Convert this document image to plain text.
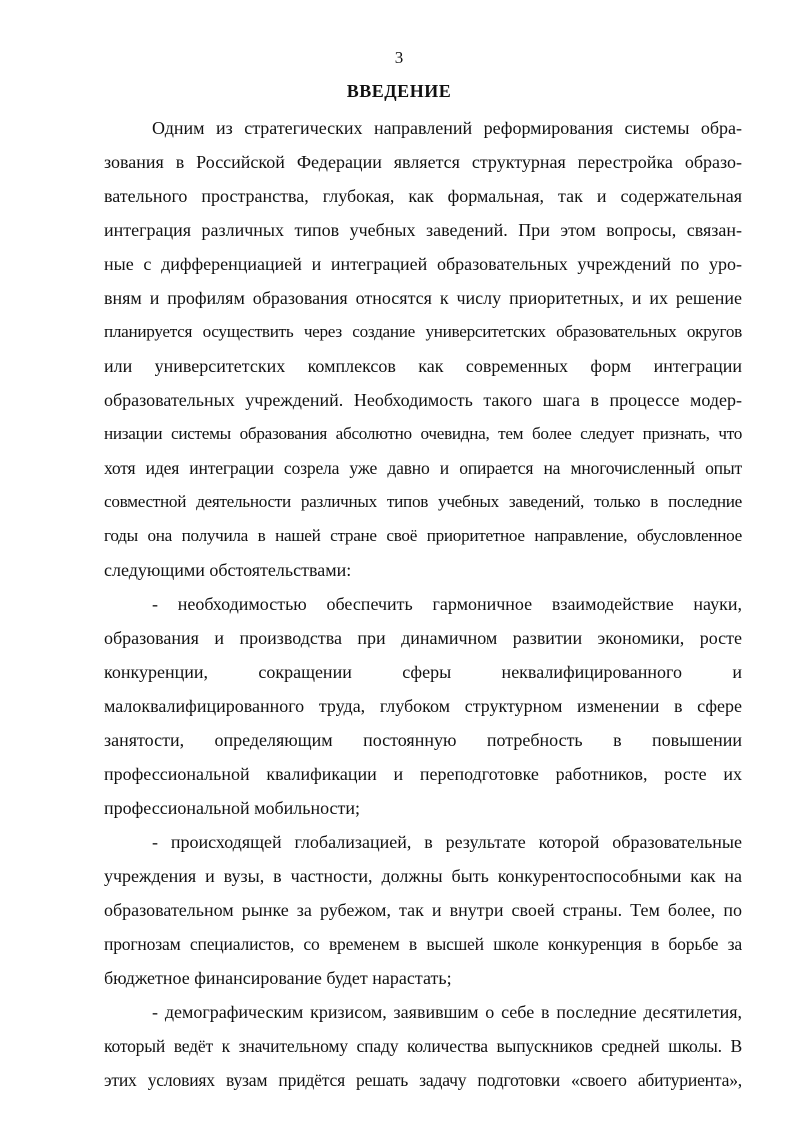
3
ВВЕДЕНИЕ
Одним из стратегических направлений реформирования системы обра-
зования в Российской Федерации является структурная перестройка образо-
вательного пространства, глубокая, как формальная, так и содержательная
интеграция различных типов учебных заведений. При этом вопросы, связан-
ные с дифференциацией и интеграцией образовательных учреждений по уро-
вням и профилям образования относятся к числу приоритетных, и их решение
планируется осуществить через создание университетских образовательных округов
или университетских комплексов как современных форм интеграции
образовательных учреждений. Необходимость такого шага в процессе модер-
низации системы образования абсолютно очевидна, тем более следует признать, что
хотя идея интеграции созрела уже давно и опирается на многочисленный опыт
совместной деятельности различных типов учебных заведений, только в последние
годы она получила в нашей стране своё приоритетное направление, обусловленное
следующими обстоятельствами:
- необходимостью обеспечить гармоничное взаимодействие науки,
образования и производства при динамичном развитии экономики, росте
конкуренции, сокращении сферы неквалифицированного и
малоквалифицированного труда, глубоком структурном изменении в сфере
занятости, определяющим постоянную потребность в повышении
профессиональной квалификации и переподготовке работников, росте их
профессиональной мобильности;
- происходящей глобализацией, в результате которой образовательные
учреждения и вузы, в частности, должны быть конкурентоспособными как на
образовательном рынке за рубежом, так и внутри своей страны. Тем более, по
прогнозам специалистов, со временем в высшей школе конкуренция в борьбе за
бюджетное финансирование будет нарастать;
- демографическим кризисом, заявившим о себе в последние десятилетия,
который ведёт к значительному спаду количества выпускников средней школы. В
этих условиях вузам придётся решать задачу подготовки «своего абитуриента»,
